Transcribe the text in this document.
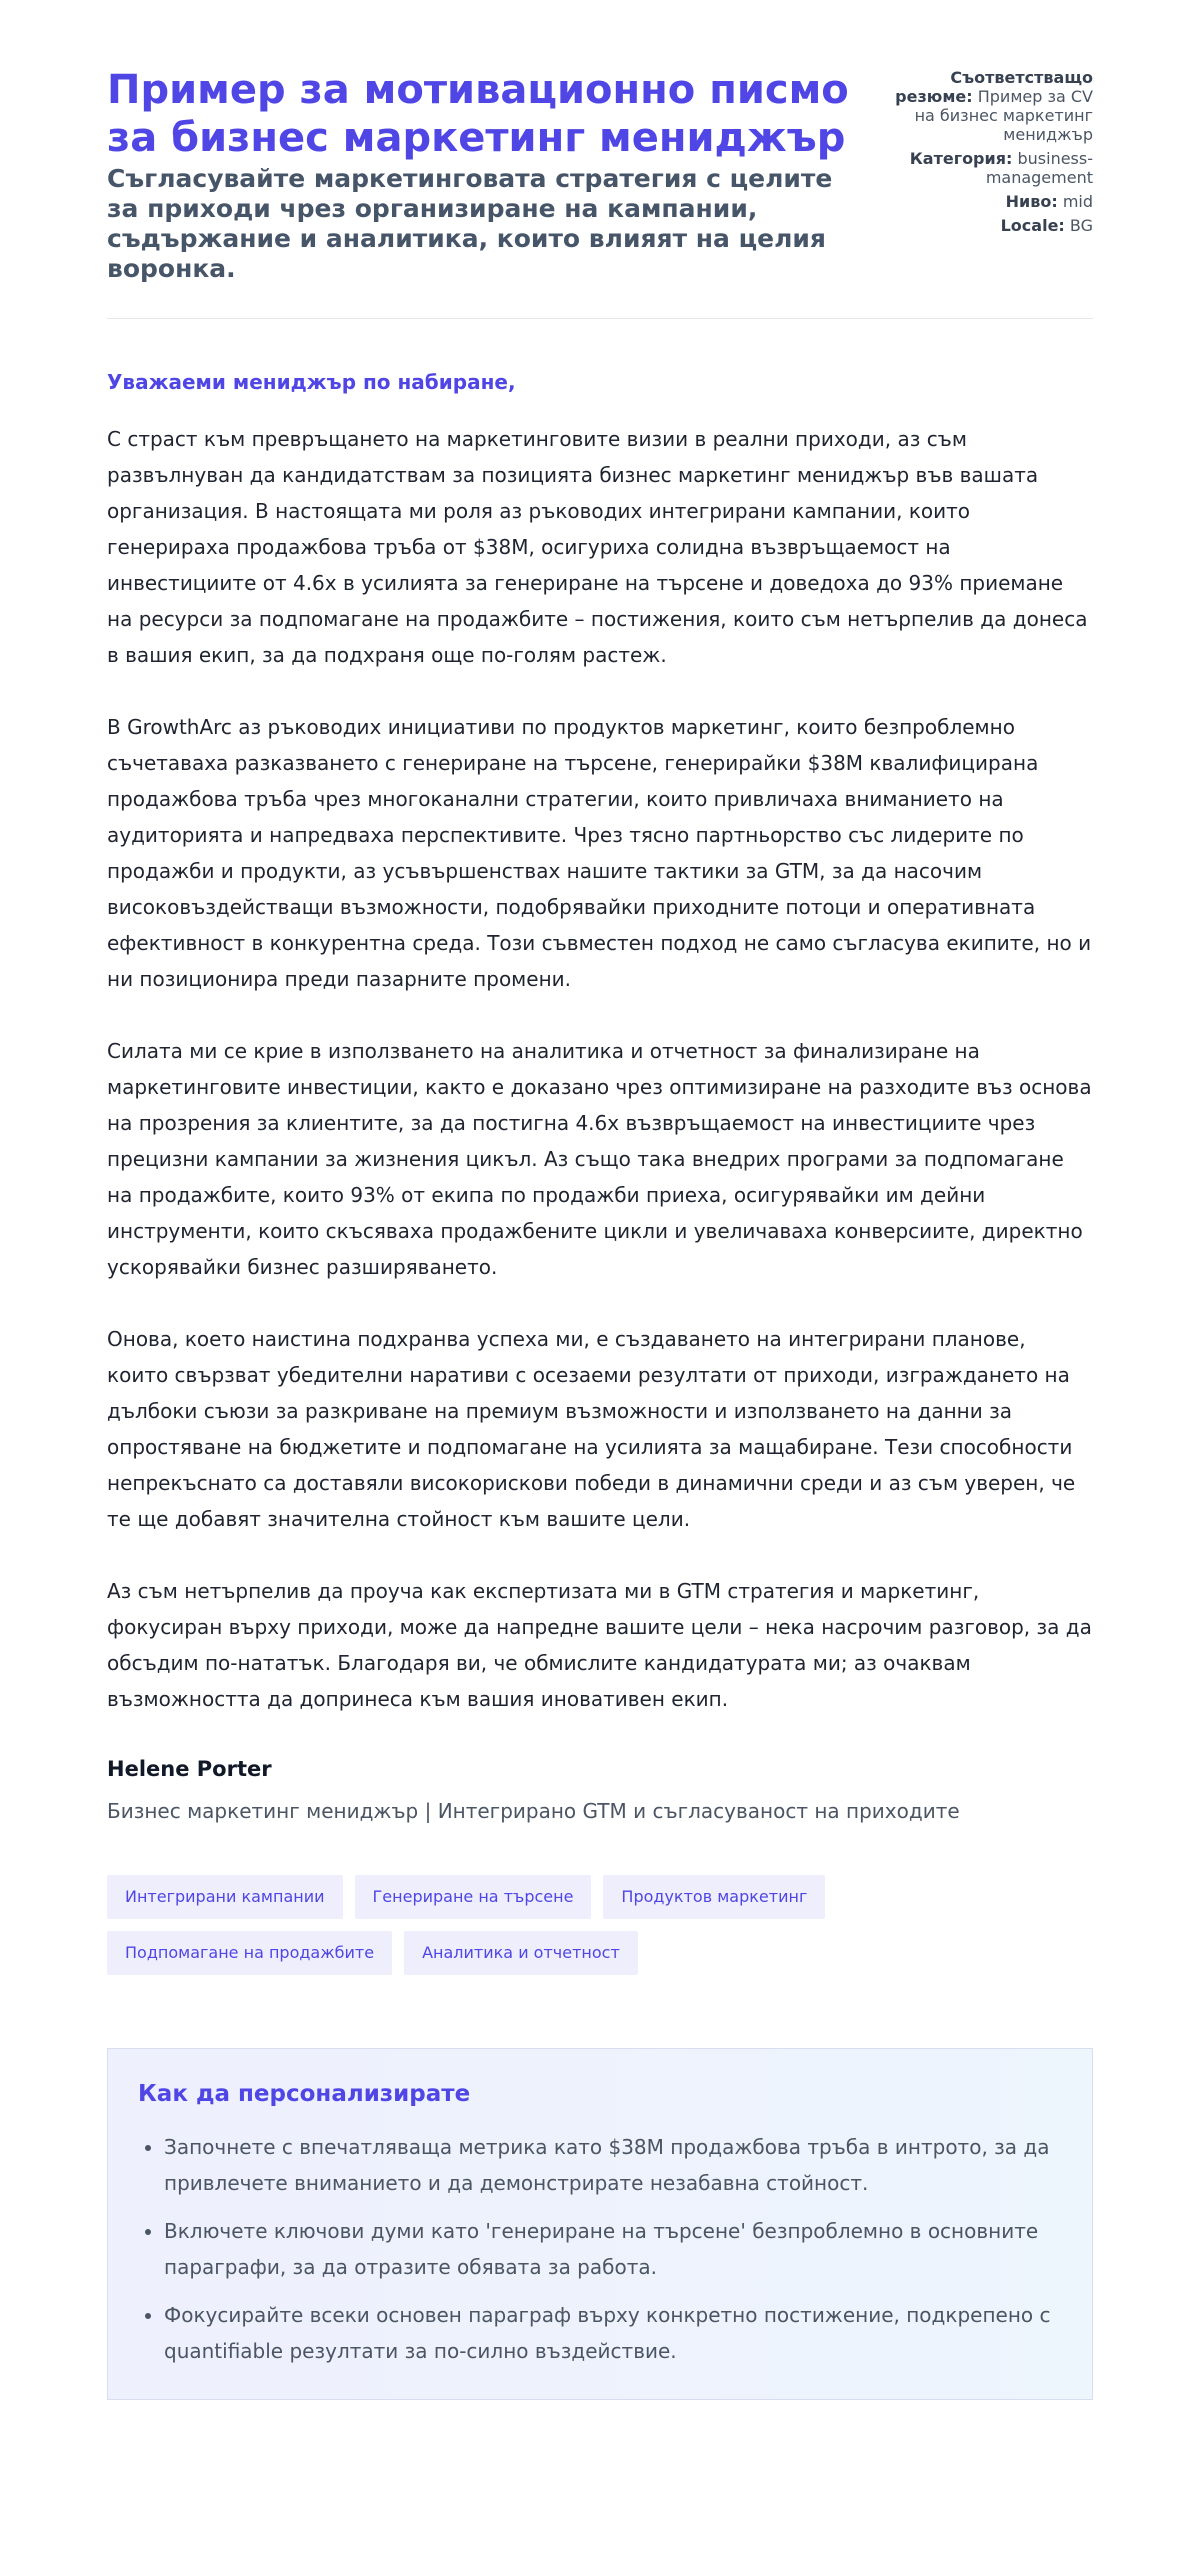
Пример за мотивационно писмо за бизнес маркетинг мениджър
Съгласувайте маркетинговата стратегия с целите за приходи чрез организиране на кампании, съдържание и аналитика, които влияят на целия воронка.
Съответстващо резюме: Пример за CV на бизнес маркетинг мениджър
Категория: business-management
Ниво: mid
Locale: BG

Уважаеми мениджър по набиране,

С страст към превръщането на маркетинговите визии в реални приходи, аз съм развълнуван да кандидатствам за позицията бизнес маркетинг мениджър във вашата организация. В настоящата ми роля аз ръководих интегрирани кампании, които генерираха продажбова тръба от $38M, осигуриха солидна възвръщаемост на инвестициите от 4.6x в усилията за генериране на търсене и доведоха до 93% приемане на ресурси за подпомагане на продажбите – постижения, които съм нетърпелив да донеса в вашия екип, за да подхраня още по-голям растеж.

В GrowthArc аз ръководих инициативи по продуктов маркетинг, които безпроблемно съчетаваха разказването с генериране на търсене, генерирайки $38M квалифицирана продажбова тръба чрез многоканални стратегии, които привличаха вниманието на аудиторията и напредваха перспективите. Чрез тясно партньорство със лидерите по продажби и продукти, аз усъвършенствах нашите тактики за GTM, за да насочим високовъздействащи възможности, подобрявайки приходните потоци и оперативната ефективност в конкурентна среда. Този съвместен подход не само съгласува екипите, но и ни позиционира преди пазарните промени.

Силата ми се крие в използването на аналитика и отчетност за финализиране на маркетинговите инвестиции, както е доказано чрез оптимизиране на разходите въз основа на прозрения за клиентите, за да постигна 4.6x възвръщаемост на инвестициите чрез прецизни кампании за жизнения цикъл. Аз също така внедрих програми за подпомагане на продажбите, които 93% от екипа по продажби приеха, осигурявайки им дейни инструменти, които скъсяваха продажбените цикли и увеличаваха конверсиите, директно ускорявайки бизнес разширяването.

Онова, което наистина подхранва успеха ми, е създаването на интегрирани планове, които свързват убедителни наративи с осезаеми резултати от приходи, изграждането на дълбоки съюзи за разкриване на премиум възможности и използването на данни за опростяване на бюджетите и подпомагане на усилията за мащабиране. Тези способности непрекъснато са доставяли високорискови победи в динамични среди и аз съм уверен, че те ще добавят значителна стойност към вашите цели.

Аз съм нетърпелив да проуча как експертизата ми в GTM стратегия и маркетинг, фокусиран върху приходи, може да напредне вашите цели – нека насрочим разговор, за да обсъдим по-нататък. Благодаря ви, че обмислите кандидатурата ми; аз очаквам възможността да допринеса към вашия иновативен екип.

Helene Porter
Бизнес маркетинг мениджър | Интегрирано GTM и съгласуваност на приходите
Интегрирани кампании	Генериране на търсене	Продуктов маркетинг
Подпомагане на продажбите	Аналитика и отчетност
Как да персонализирате
• Започнете с впечатляваща метрика като $38M продажбова тръба в интрото, за да привлечете вниманието и да демонстрирате незабавна стойност.
• Включете ключови думи като 'генериране на търсене' безпроблемно в основните параграфи, за да отразите обявата за работа.
• Фокусирайте всеки основен параграф върху конкретно постижение, подкрепено с quantifiable резултати за по-силно въздействие.
